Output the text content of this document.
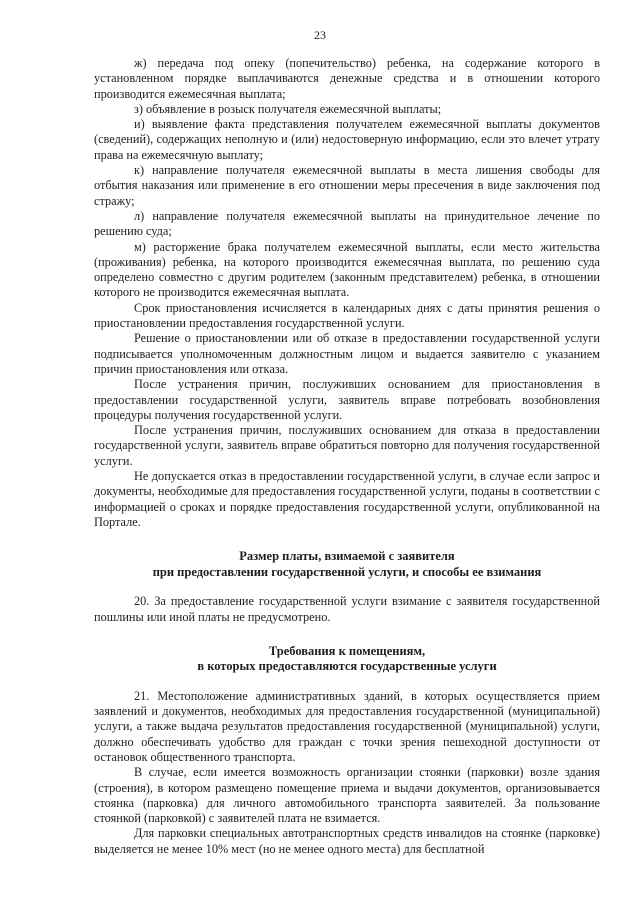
23

ж) передача под опеку (попечительство) ребенка, на содержание которого в установленном порядке выплачиваются денежные средства и в отношении которого производится ежемесячная выплата;

з) объявление в розыск получателя ежемесячной выплаты;

и) выявление факта представления получателем ежемесячной выплаты документов (сведений), содержащих неполную и (или) недостоверную информацию, если это влечет утрату права на ежемесячную выплату;

к) направление получателя ежемесячной выплаты в места лишения свободы для отбытия наказания или применение в его отношении меры пресечения в виде заключения под стражу;

л) направление получателя ежемесячной выплаты на принудительное лечение по решению суда;

м) расторжение брака получателем ежемесячной выплаты, если место жительства (проживания) ребенка, на которого производится ежемесячная выплата, по решению суда определено совместно с другим родителем (законным представителем) ребенка, в отношении которого не производится ежемесячная выплата.

Срок приостановления исчисляется в календарных днях с даты принятия решения о приостановлении предоставления государственной услуги.

Решение о приостановлении или об отказе в предоставлении государственной услуги подписывается уполномоченным должностным лицом и выдается заявителю с указанием причин приостановления или отказа.

После устранения причин, послуживших основанием для приостановления в предоставлении государственной услуги, заявитель вправе потребовать возобновления процедуры получения государственной услуги.

После устранения причин, послуживших основанием для отказа в предоставлении государственной услуги, заявитель вправе обратиться повторно для получения государственной услуги.

Не допускается отказ в предоставлении государственной услуги, в случае если запрос и документы, необходимые для предоставления государственной услуги, поданы в соответствии с информацией о сроках и порядке предоставления государственной услуги, опубликованной на Портале.

Размер платы, взимаемой с заявителя
при предоставлении государственной услуги, и способы ее взимания

20. За предоставление государственной услуги взимание с заявителя государственной пошлины или иной платы не предусмотрено.

Требования к помещениям,
в которых предоставляются государственные услуги

21. Местоположение административных зданий, в которых осуществляется прием заявлений и документов, необходимых для предоставления государственной (муниципальной) услуги, а также выдача результатов предоставления государственной (муниципальной) услуги, должно обеспечивать удобство для граждан с точки зрения пешеходной доступности от остановок общественного транспорта.

В случае, если имеется возможность организации стоянки (парковки) возле здания (строения), в котором размещено помещение приема и выдачи документов, организовывается стоянка (парковка) для личного автомобильного транспорта заявителей. За пользование стоянкой (парковкой) с заявителей плата не взимается.

Для парковки специальных автотранспортных средств инвалидов на стоянке (парковке) выделяется не менее 10% мест (но не менее одного места) для бесплатной
